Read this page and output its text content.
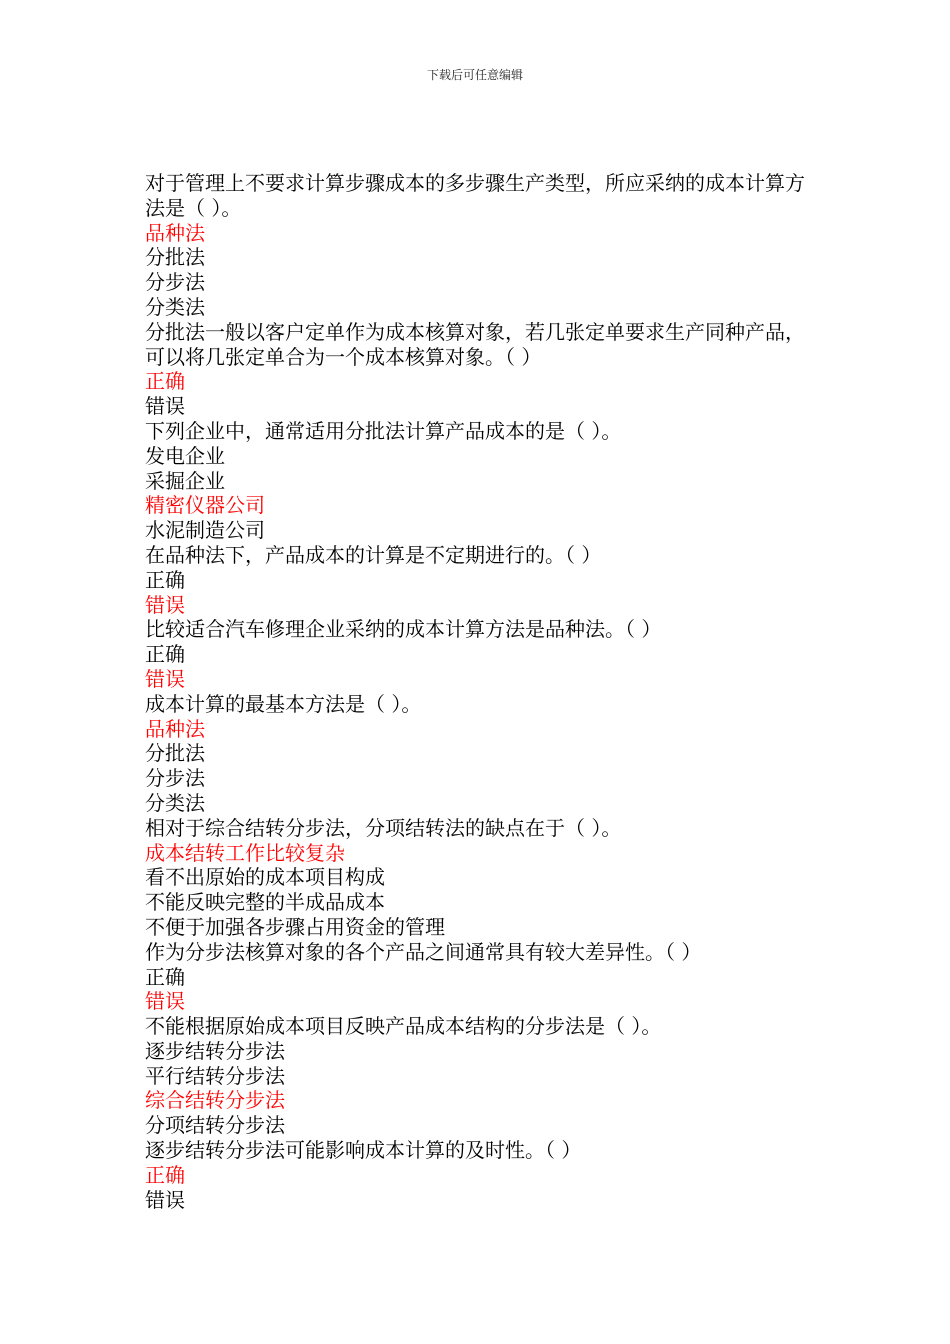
下载后可任意编辑
对于管理上不要求计算步骤成本的多步骤生产类型，所应采纳的成本计算方法是（ ）。
品种法
分批法
分步法
分类法
分批法一般以客户定单作为成本核算对象，若几张定单要求生产同种产品，可以将几张定单合为一个成本核算对象。（ ）
正确
错误
下列企业中，通常适用分批法计算产品成本的是（ ）。
发电企业
采掘企业
精密仪器公司
水泥制造公司
在品种法下，产品成本的计算是不定期进行的。（ ）
正确
错误
比较适合汽车修理企业采纳的成本计算方法是品种法。（ ）
正确
错误
成本计算的最基本方法是（ ）。
品种法
分批法
分步法
分类法
相对于综合结转分步法，分项结转法的缺点在于（ ）。
成本结转工作比较复杂
看不出原始的成本项目构成
不能反映完整的半成品成本
不便于加强各步骤占用资金的管理
作为分步法核算对象的各个产品之间通常具有较大差异性。（ ）
正确
错误
不能根据原始成本项目反映产品成本结构的分步法是（ ）。
逐步结转分步法
平行结转分步法
综合结转分步法
分项结转分步法
逐步结转分步法可能影响成本计算的及时性。（ ）
正确
错误
